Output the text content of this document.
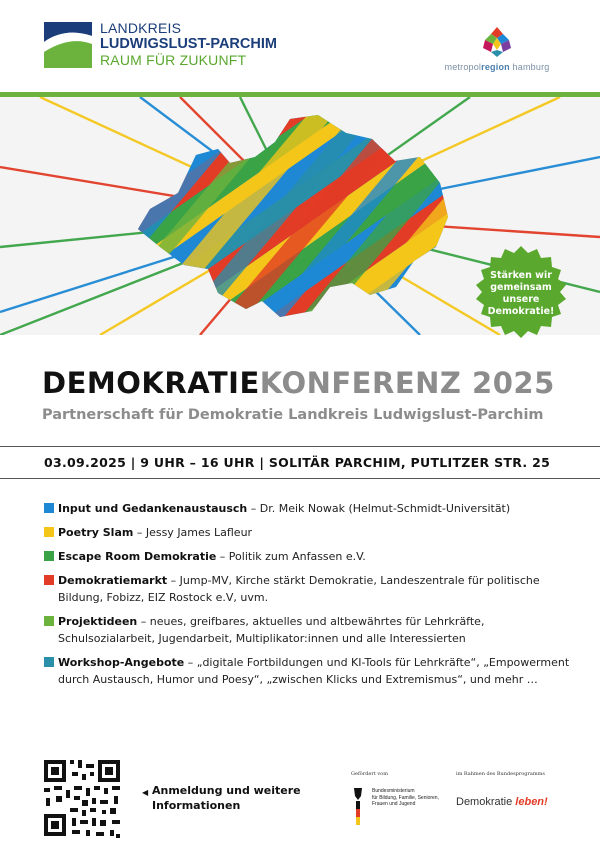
LANDKREIS
LUDWIGSLUST-PARCHIM
RAUM FÜR ZUKUNFT	metropolregion hamburg
Stärken wir
gemeinsam
unsere
Demokratie!
DEMOKRATIEKONFERENZ 2025
Partnerschaft für Demokratie Landkreis Ludwigslust-Parchim
03.09.2025 | 9 UHR – 16 UHR | SOLITÄR PARCHIM, PUTLITZER STR. 25
Input und Gedankenaustausch – Dr. Meik Nowak (Helmut-Schmidt-Universität)
Poetry Slam – Jessy James Lafleur
Escape Room Demokratie – Politik zum Anfassen e.V.
Demokratiemarkt – Jump-MV, Kirche stärkt Demokratie, Landeszentrale für politische Bildung, Fobizz, EIZ Rostock e.V, uvm.
Projektideen – neues, greifbares, aktuelles und altbewährtes für Lehrkräfte, Schulsozialarbeit, Jugendarbeit, Multiplikator:innen und alle Interessierten
Workshop-Angebote – „digitale Fortbildungen und KI-Tools für Lehrkräfte“, „Empowerment durch Austausch, Humor und Poesy“, „zwischen Klicks und Extremismus“, und mehr …
◀ Anmeldung und weitere
Informationen
Gefördert vom
Bundesministerium
für Bildung, Familie, Senioren,
Frauen und Jugend
im Rahmen des Bundesprogramms
Demokratie leben!
